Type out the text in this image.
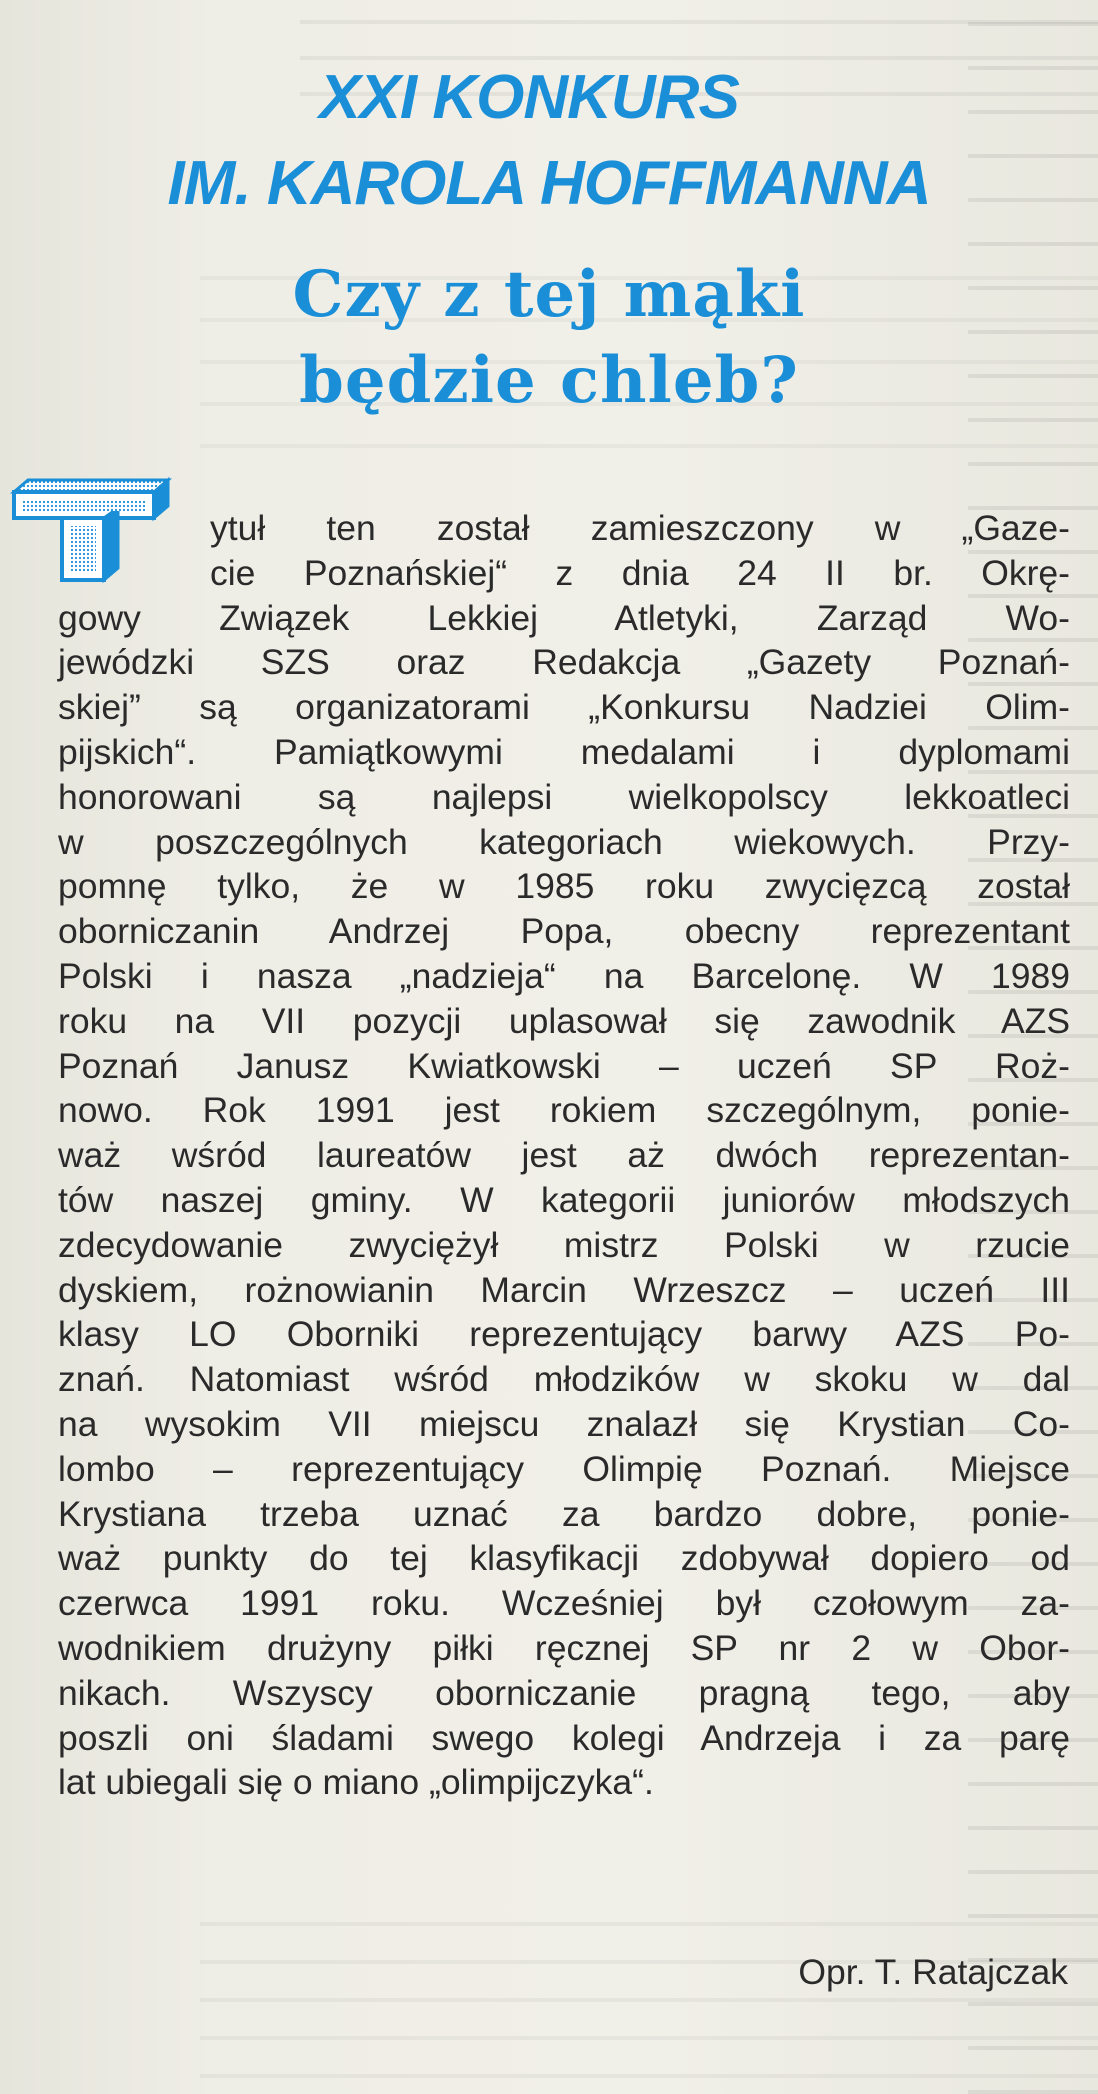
XXI KONKURS
IM. KAROLA HOFFMANNA
Czy z tej mąki
będzie chleb?
ytuł ten został zamieszczony w „Gaze-
cie Poznańskiej“ z dnia 24 II br. Okrę-
gowy Związek Lekkiej Atletyki, Zarząd Wo-
jewódzki SZS oraz Redakcja „Gazety Poznań-
skiej” są organizatorami „Konkursu Nadziei Olim-
pijskich“. Pamiątkowymi medalami i dyplomami
honorowani są najlepsi wielkopolscy lekkoatleci
w poszczególnych kategoriach wiekowych. Przy-
pomnę tylko, że w 1985 roku zwycięzcą został
oborniczanin Andrzej Popa, obecny reprezentant
Polski i nasza „nadzieja“ na Barcelonę. W 1989
roku na VII pozycji uplasował się zawodnik AZS
Poznań Janusz Kwiatkowski – uczeń SP Roż-
nowo. Rok 1991 jest rokiem szczególnym, ponie-
waż wśród laureatów jest aż dwóch reprezentan-
tów naszej gminy. W kategorii juniorów młodszych
zdecydowanie zwyciężył mistrz Polski w rzucie
dyskiem, rożnowianin Marcin Wrzeszcz – uczeń III
klasy LO Oborniki reprezentujący barwy AZS Po-
znań. Natomiast wśród młodzików w skoku w dal
na wysokim VII miejscu znalazł się Krystian Co-
lombo – reprezentujący Olimpię Poznań. Miejsce
Krystiana trzeba uznać za bardzo dobre, ponie-
waż punkty do tej klasyfikacji zdobywał dopiero od
czerwca 1991 roku. Wcześniej był czołowym za-
wodnikiem drużyny piłki ręcznej SP nr 2 w Obor-
nikach. Wszyscy oborniczanie pragną tego, aby
poszli oni śladami swego kolegi Andrzeja i za parę
lat ubiegali się o miano „olimpijczyka“.
Opr. T. Ratajczak
